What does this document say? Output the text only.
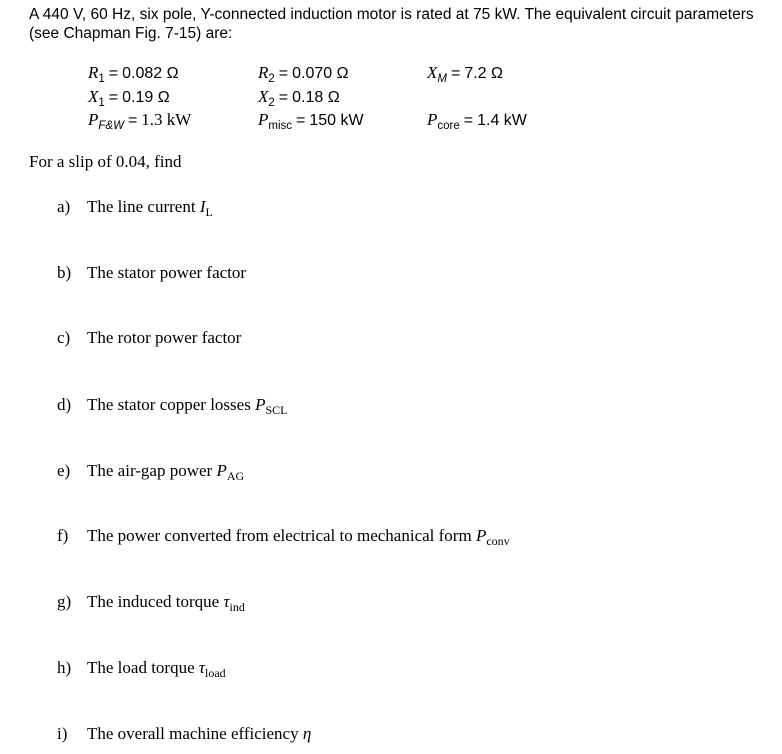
A 440 V, 60 Hz, six pole, Y-connected induction motor is rated at 75 kW. The equivalent circuit parameters (see Chapman Fig. 7-15) are:

$R_1 = 0.082$ Ω
$X_1 = 0.19$ Ω
$P_{F\&W} = 1.3$ kW
$R_2 = 0.070$ Ω
$X_2 = 0.18$ Ω
$P_{misc} = 150$ kW
$X_M = 7.2$ Ω
$P_{core} = 1.4$ kW

For a slip of 0.04, find

a) The line current $I_L$
b) The stator power factor
c) The rotor power factor
d) The stator copper losses $P_{SCL}$
e) The air-gap power $P_{AG}$
f) The power converted from electrical to mechanical form $P_{conv}$
g) The induced torque $\tau_{ind}$
h) The load torque $\tau_{load}$
i) The overall machine efficiency η
